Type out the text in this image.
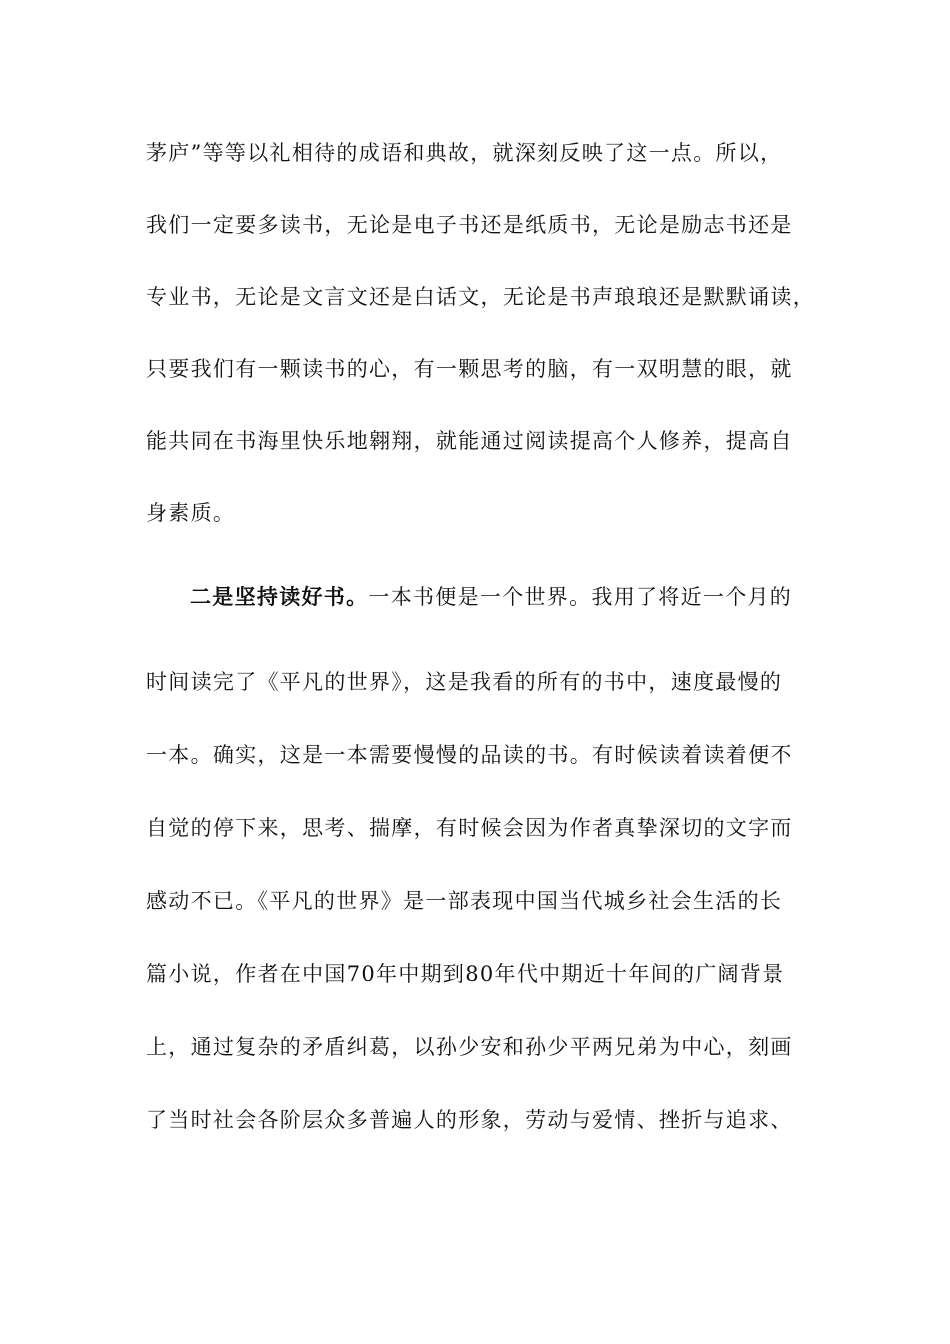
茅庐”等等以礼相待的成语和典故，就深刻反映了这一点。所以，
我们一定要多读书，无论是电子书还是纸质书，无论是励志书还是
专业书，无论是文言文还是白话文，无论是书声琅琅还是默默诵读，
只要我们有一颗读书的心，有一颗思考的脑，有一双明慧的眼，就
能共同在书海里快乐地翱翔，就能通过阅读提高个人修养，提高自
身素质。
二是坚持读好书。一本书便是一个世界。我用了将近一个月的
时间读完了《平凡的世界》，这是我看的所有的书中，速度最慢的
一本。确实，这是一本需要慢慢的品读的书。有时候读着读着便不
自觉的停下来，思考、揣摩，有时候会因为作者真挚深切的文字而
感动不已。《平凡的世界》是一部表现中国当代城乡社会生活的长
篇小说，作者在中国70年中期到80年代中期近十年间的广阔背景
上，通过复杂的矛盾纠葛，以孙少安和孙少平两兄弟为中心，刻画
了当时社会各阶层众多普遍人的形象，劳动与爱情、挫折与追求、
